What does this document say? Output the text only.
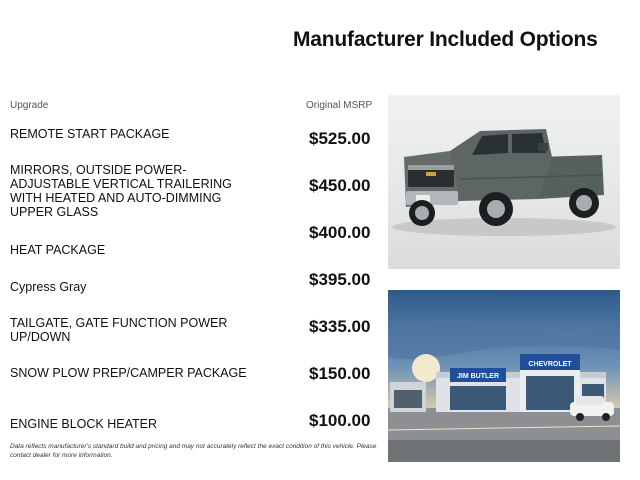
Manufacturer Included Options
Upgrade	Original MSRP
REMOTE START PACKAGE
MIRRORS, OUTSIDE POWER-ADJUSTABLE VERTICAL TRAILERING WITH HEATED AND AUTO-DIMMING UPPER GLASS
HEAT PACKAGE
Cypress Gray
TAILGATE, GATE FUNCTION POWER UP/DOWN
SNOW PLOW PREP/CAMPER PACKAGE
ENGINE BLOCK HEATER
$525.00
$450.00
$400.00
$395.00
$335.00
$150.00
$100.00
Data reflects manufacturer's standard build and pricing and may not accurately reflect the exact condition of this vehicle. Please contact dealer for more information.
CHEVROLET
JIM BUTLER
